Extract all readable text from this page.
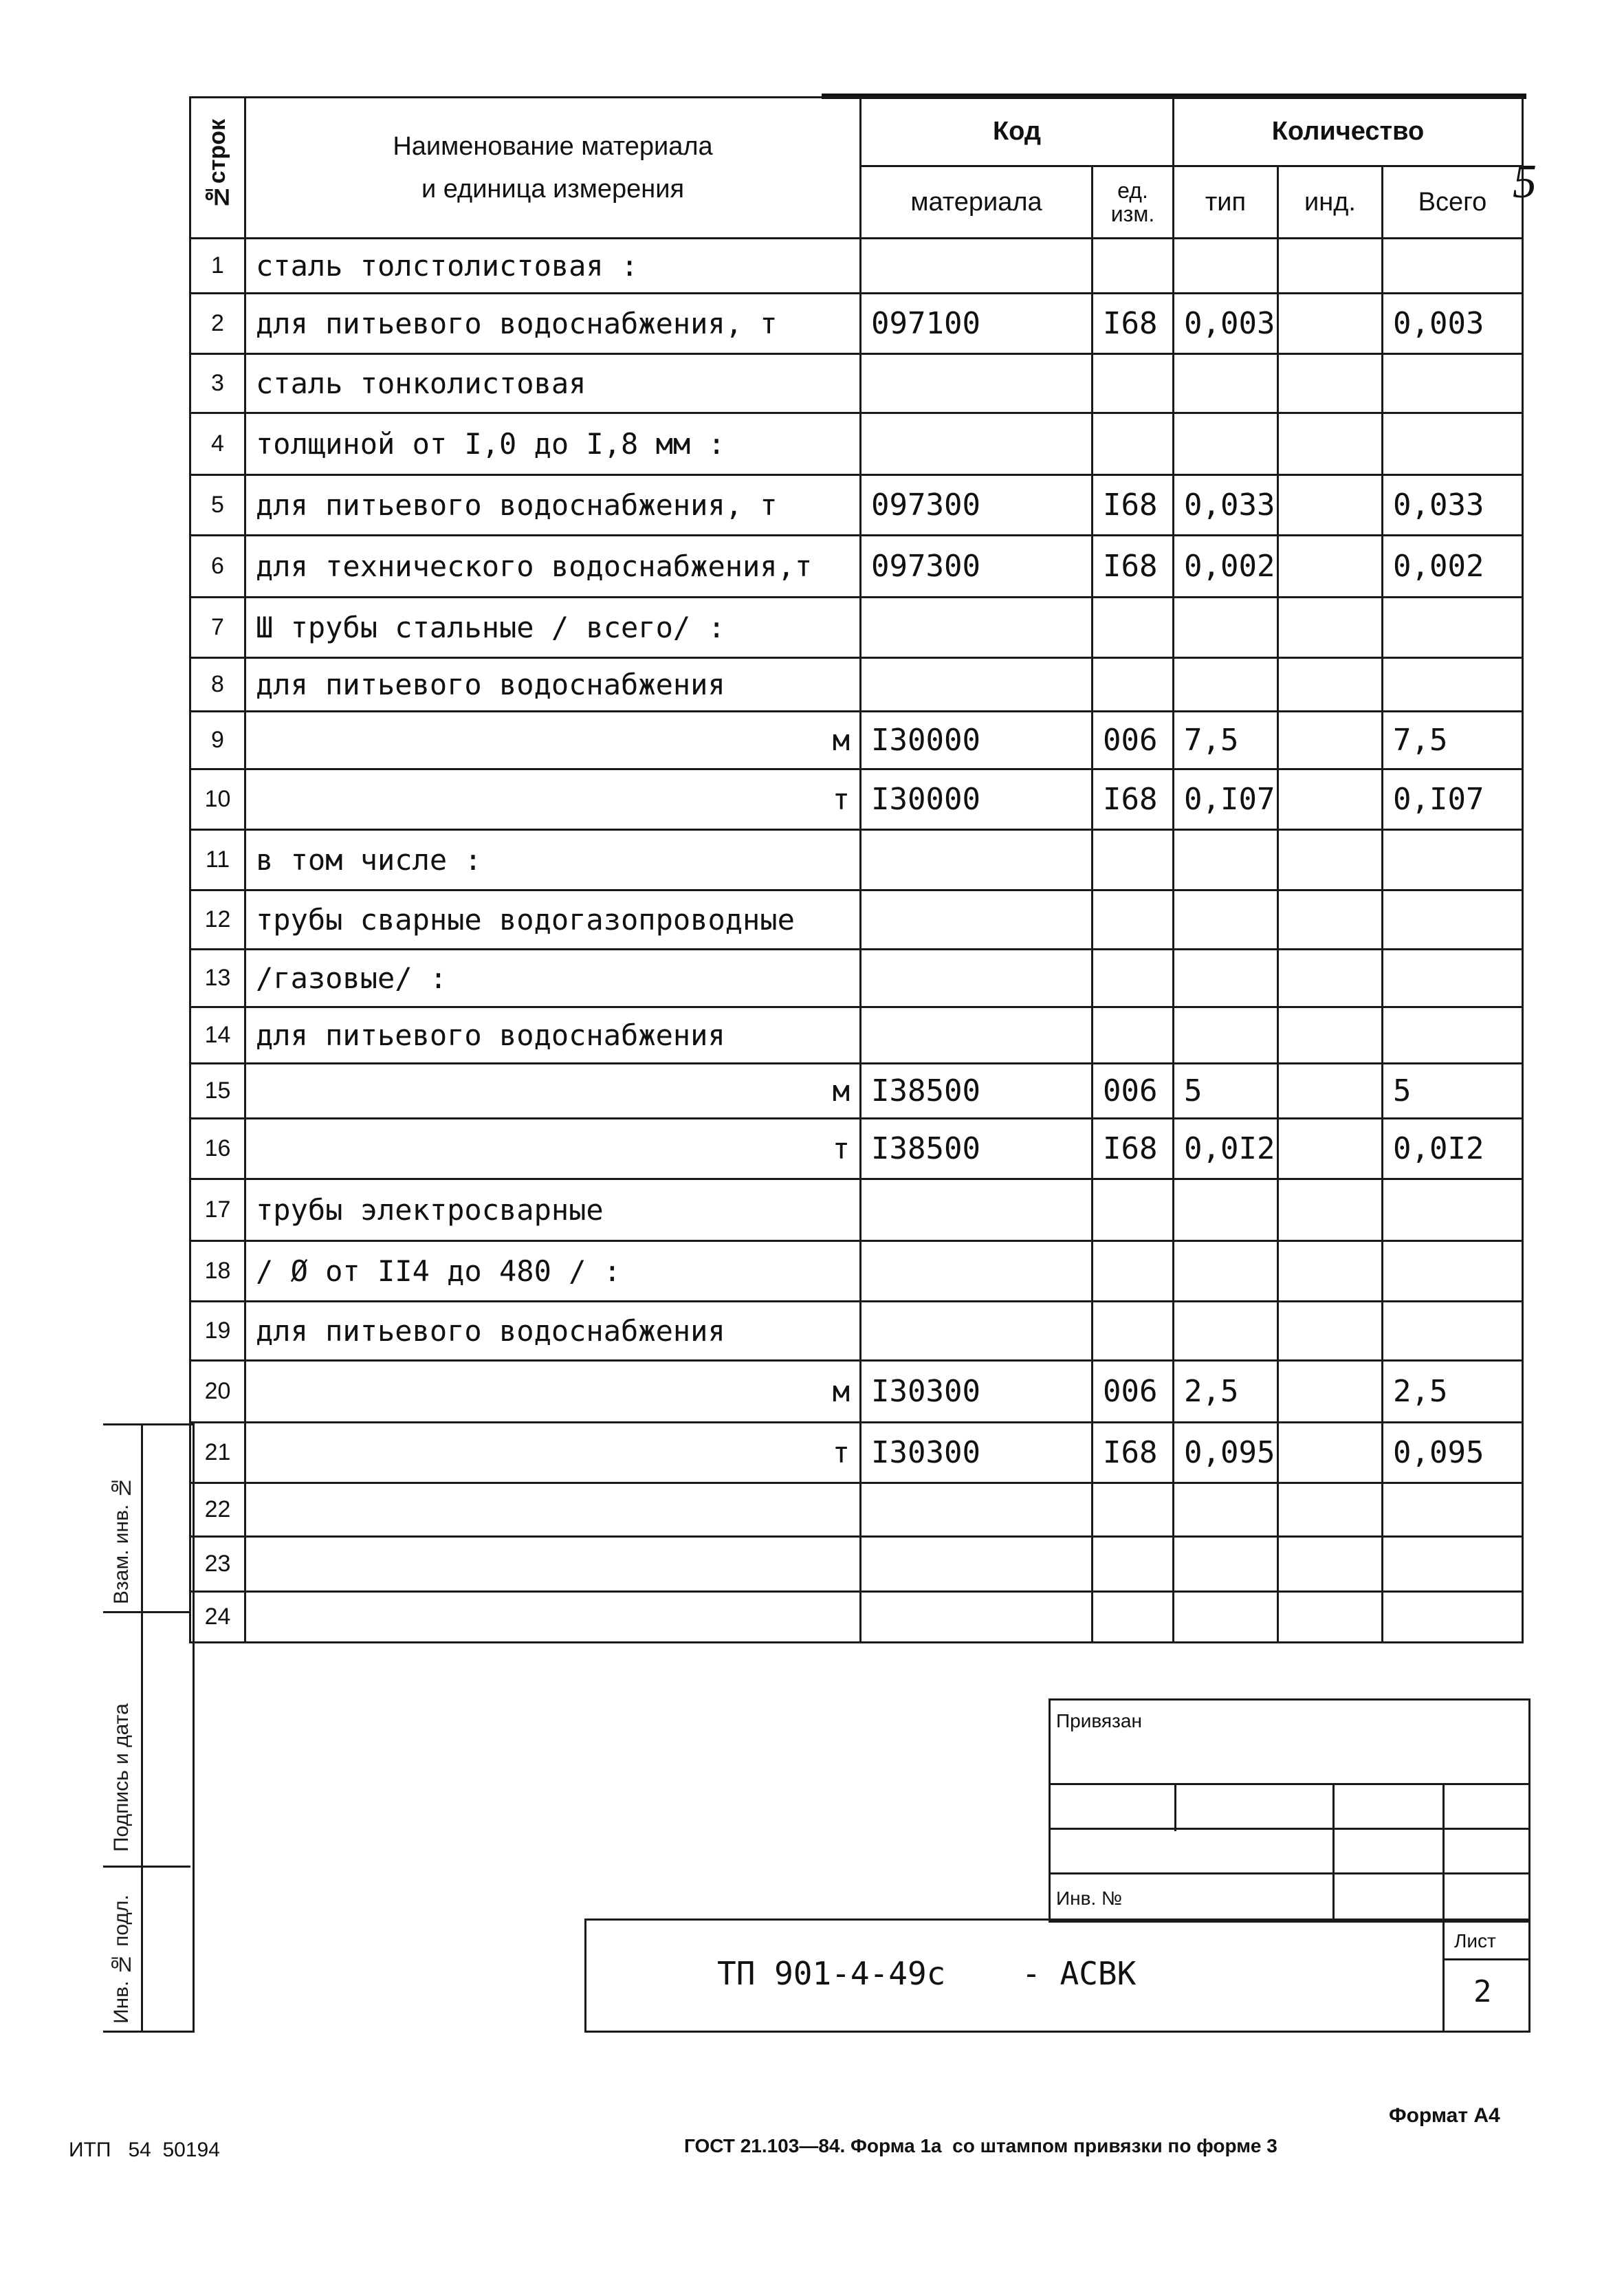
5
№строк	Наименование материала
и единица измерения	Код		Количество		
		материала	ед. изм.	тип	инд.	Всего
1	сталь толстолистовая :					
2	для питьевого водоснабжения, т	097100	I68	0,003		0,003
3	сталь тонколистовая					
4	толщиной от I,0 до I,8 мм :					
5	для питьевого водоснабжения, т	097300	I68	0,033		0,033
6	для технического водоснабжения,т	097300	I68	0,002		0,002
7	Ш трубы стальные / всего/ :					
8	для питьевого водоснабжения					
9	м	I30000	006	7,5		7,5
10	т	I30000	I68	0,I07		0,I07
11	в том числе :					
12	трубы сварные водогазопроводные					
13	/газовые/ :					
14	для питьевого водоснабжения					
15	м	I38500	006	5		5
16	т	I38500	I68	0,0I2		0,0I2
17	трубы электросварные					
18	/ Ø от II4 до 480 / :					
19	для питьевого водоснабжения					
20	м	I30300	006	2,5		2,5
21	т	I30300	I68	0,095		0,095
22						
23						
24						
Взам. инв. №
Подпись и дата
Инв. № подл.
Привязан
Инв. №
ТП 901-4-49с    - АСВК
Лист
2
Формат А4
ИТП   54  50194	ГОСТ 21.103—84. Форма 1а  со штампом привязки по форме 3
